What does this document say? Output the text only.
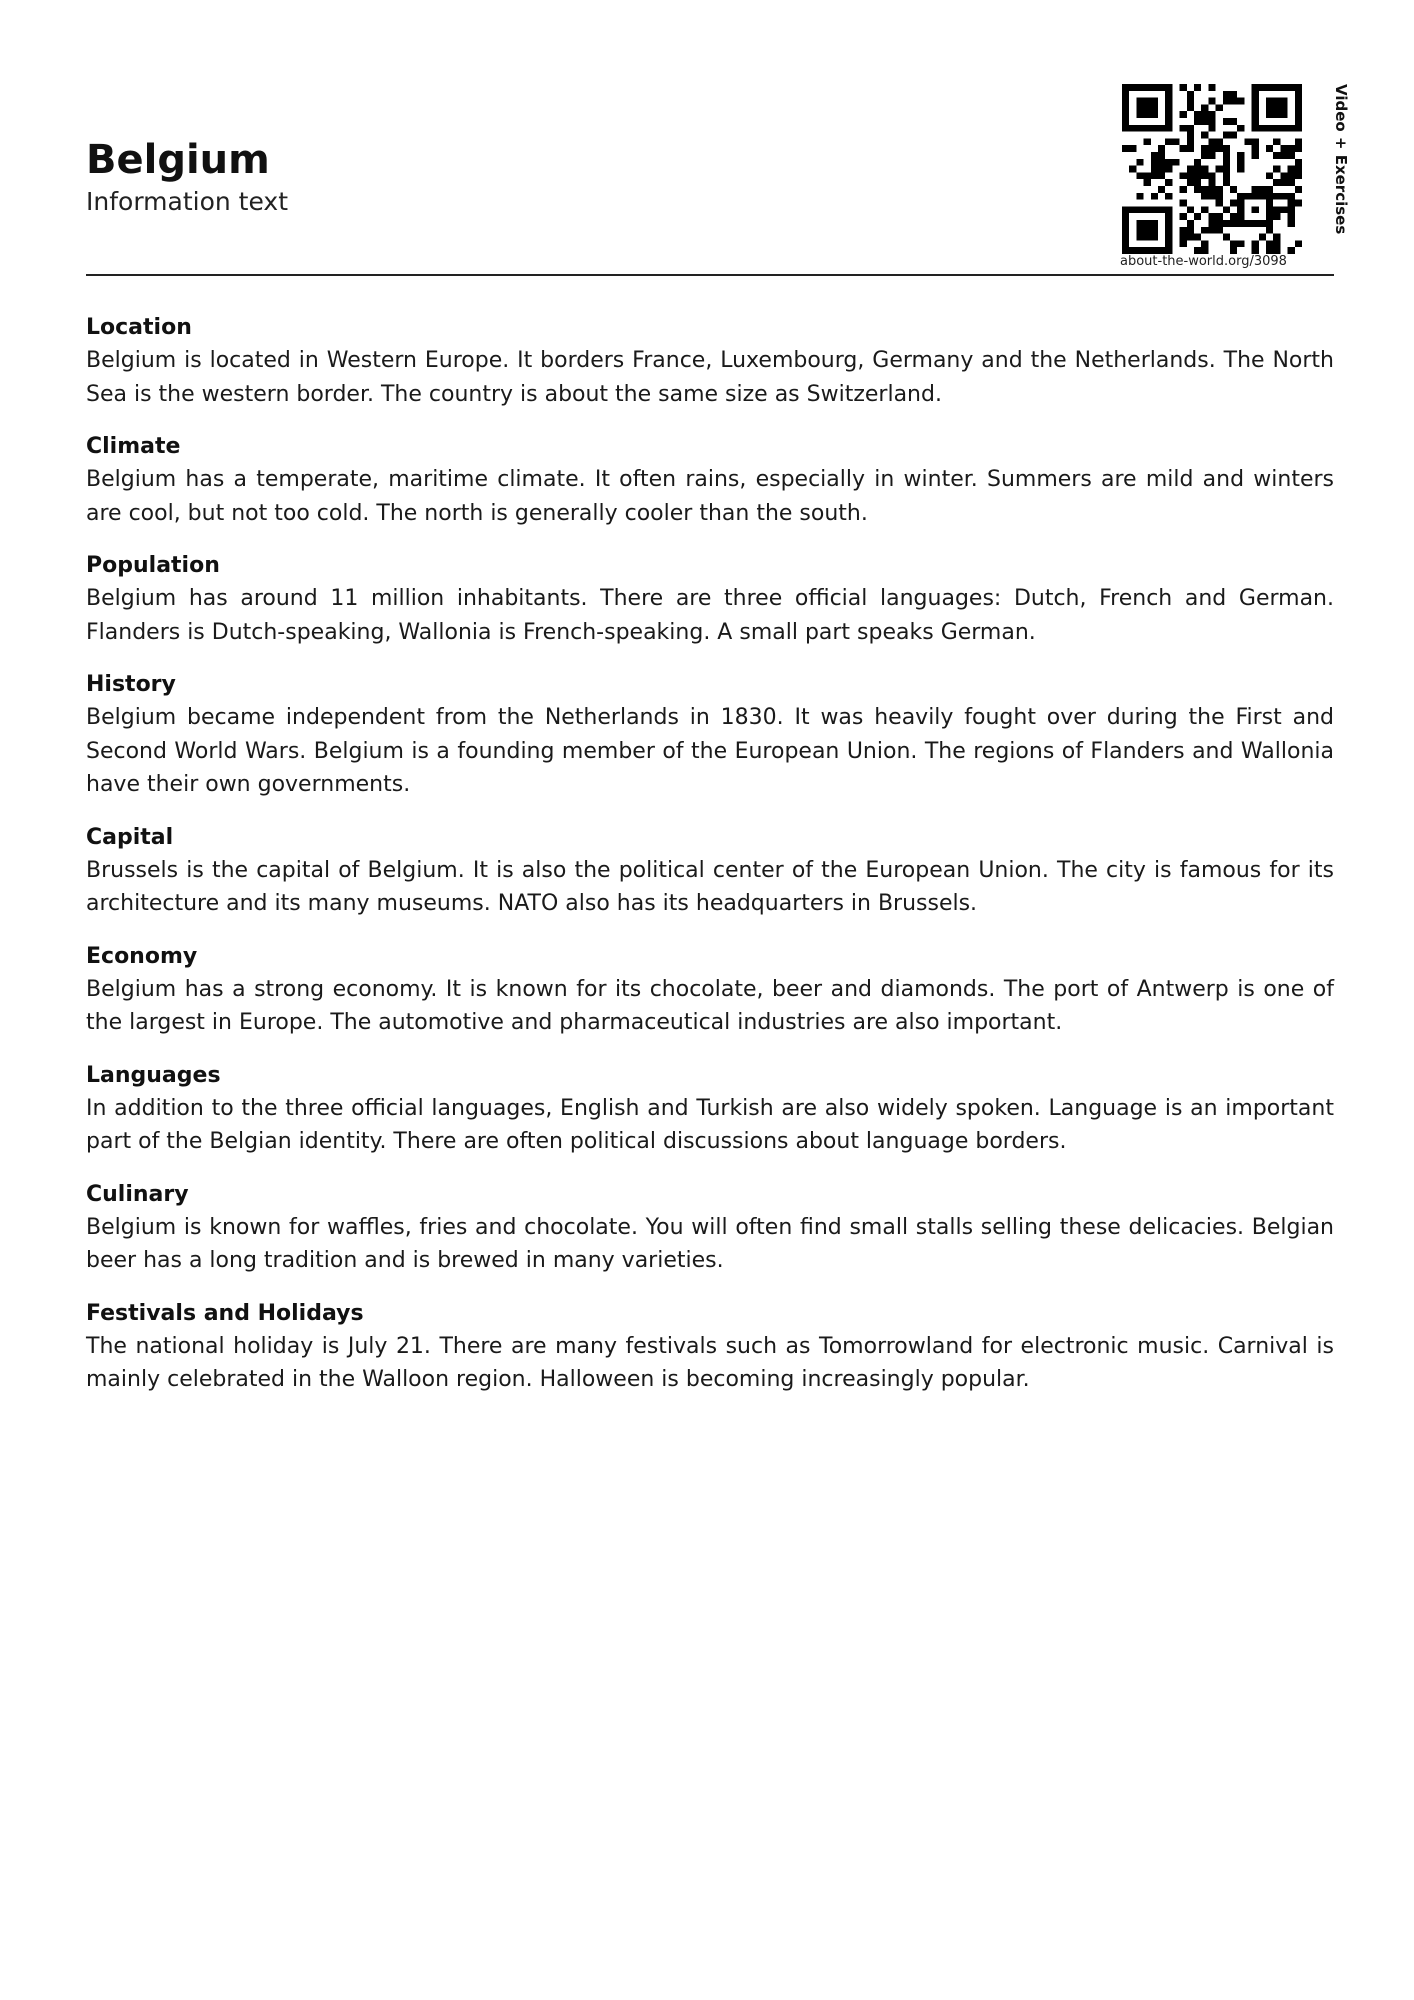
Belgium
Information text
about-the-world.org/3098
Video + Exercises
Location

Belgium is located in Western Europe. It borders France, Luxembourg, Germany and the Netherlands. The North Sea is the western border. The country is about the same size as Switzerland.

Climate

Belgium has a temperate, maritime climate. It often rains, especially in winter. Summers are mild and winters are cool, but not too cold. The north is generally cooler than the south.

Population

Belgium has around 11 million inhabitants. There are three official languages: Dutch, French and German. Flanders is Dutch-speaking, Wallonia is French-speaking. A small part speaks German.

History

Belgium became independent from the Netherlands in 1830. It was heavily fought over during the First and Second World Wars. Belgium is a founding member of the European Union. The regions of Flanders and Wallonia have their own governments.

Capital

Brussels is the capital of Belgium. It is also the political center of the European Union. The city is famous for its architecture and its many museums. NATO also has its headquarters in Brussels.

Economy

Belgium has a strong economy. It is known for its chocolate, beer and diamonds. The port of Antwerp is one of the largest in Europe. The automotive and pharmaceutical industries are also important.

Languages

In addition to the three official languages, English and Turkish are also widely spoken. Language is an important part of the Belgian identity. There are often political discussions about language borders.

Culinary

Belgium is known for waffles, fries and chocolate. You will often find small stalls selling these delicacies. Belgian beer has a long tradition and is brewed in many varieties.

Festivals and Holidays

The national holiday is July 21. There are many festivals such as Tomorrowland for electronic music. Carnival is mainly celebrated in the Walloon region. Halloween is becoming increasingly popular.
